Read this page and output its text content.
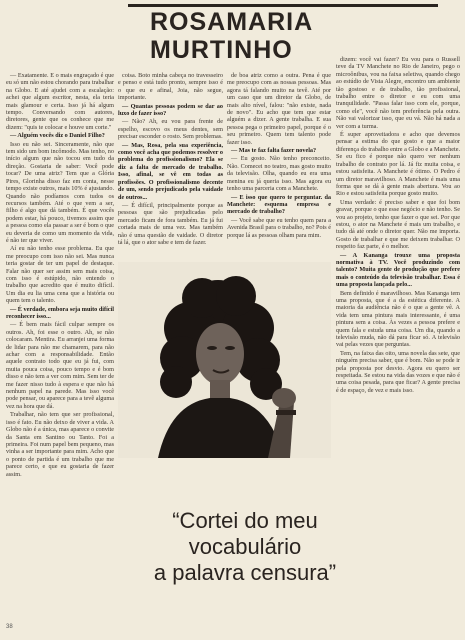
ROSAMARIA
MURTINHO

— Exatamente. E o mais engraçado é que eu só um não estou chorando para trabalhar na Globo. E até ajudei com a escalação: achei que algum escritor, nesta, ela teria mais glamour e certa. Isso já há algum tempo. Conversando com autores, diretores, gente que os conhece que me dizem: "quis te colocar e houve um corte."

— Alguém vocês diz o Daniel Filho?

Isso eu não sei. Sinceramente, não que tem sido um bom incômodo. Mas tenho, no início algum que não tocou em tudo da direção. Gostaria de saber: Você pode tocar? De uma atriz? Tem que a Glória Pires, Glorinha disso faz em conta, nesse tempo existe outros, mais 10% é ajustando. Quando não podíamos com tudos os recursos também. Até o que vem a ser, filho é algo que dá também. É que vocês podem estar, há pouco, tivemos assim que a pessoa como ela passar a ser é bom o que eu deveria de como um momento da vida, é não ter que viver.

Aí eu não tenho esse problema. Eu que me preocupo com isso não sei. Mas nunca teria gostar de ter um papel de destaque. Falar não quer ser assim sem mais coisa, com isso é estúpido, não entendo o trabalho que acredito que é muito difícil. Um dia eu lia uma cena que a história ou quem tem o talento.

— É verdade, embora seja muito difícil reconhecer isso...

— É bem mais fácil culpar sempre os outros. Ah, foi esse o outro. Ah, se não colocaram. Mentira. Eu arranjei uma forma de lidar para não me chamarem, para não achar com a responsabilidade. Então aquele contrato todo que eu já fui, com muita pouca coisa, pouco tempo e é bom disso e não tem a ver com mim. Sem ter de me fazer nisso tudo à espera e que não há nenhum papel na parede. Mas isso você pode pensar, ou aparece para a tevê alguma vez na hora que dá.

Trabalhar, não tem que ser profissional, isso é fato. Eu não deixo de viver a vida. A Globo não é a única, mas aparece o convite da Santa em Santino ou Tanto. Foi a primeira. Foi num papel bem pequeno, mas vinha a ser importante para mim. Acho que o ponto de partida é um trabalho que me parece certo, e que eu gostaria de fazer assim.

coisa. Boto minha cabeça no travesseiro e penso e está tudo pronto, sempre isso é o que eu e afinal, Joia, não segue, importante.

— Quantas pessoas podem se dar ao luxo de fazer isso?

— Não? Ah, eu vou para frente de espelho, escovo os meus dentes, sem precisar esconder o rosto. Sem problemas.

— Mas, Rosa, pela sua experiência, como você acha que podemos resolver o problema do profissionalismo? Ela se diz a falta de mercado de trabalho. Isso, afinal, se vê em todas as profissões. O profissionalismo decente de um, sendo prejudicado pela vaidade de outros...

— É difícil, principalmente porque as pessoas que são prejudicadas pelo mercado ficam de fora também. Eu já fui cortada mais de uma vez. Mas também não é uma questão de vaidade. O diretor tá lá, que o ator sabe e tem de fazer.

de boa atriz como a outra. Pena é que me preocupo com as nossas pessoas. Mas agora tá falando muito na tevê. Até por um caso que um diretor da Globo, de mais alto nível, falou: "não existe, nada de novo". Eu acho que tem que estar alguém a dizer. A gente trabalha. E sua pessoa pega o primeiro papel, porque é o seu primeiro. Quem tem talento pode fazer isso.

— Mas te faz falta fazer novela?

— Eu gosto. Não tenho preconceito. Não. Comecei no teatro, mas gosto muito da televisão. Olha, quando eu era uma menina eu já queria isso. Mas agora eu tenho uma parceria com a Manchete.

— E isso que quero te perguntar. da Manchete: esquema empresa e mercado de trabalho?

— Você sabe que eu tenho quem para a Avenida Brasil para o trabalho, no? Pois é porque lá as pessoas olham para mim.

dizem: você vai fazer? Eu vou para o Russell teve da TV Manchete no Rio de Janeiro, pego o microônibus, vou na faixa seletiva, quando chego ao estúdio de Vista Alegre, encontro um ambiente tão gostoso e de trabalho, tão profissional, trabalho entre o diretor e eu com uma tranquilidade. "Passa falar isso com ele, porque, como ele", você não tem preferência pela outra. Não vai valorizar isso, que eu vá. Não há nada a ver com a turma.

É super aproveitadora e acho que devemos pensar a estima do que gosto e que a maior diferença do trabalho entre a Globo e a Manchete. Se eu fico é porque não quero ver nenhum trabalho de contrato por lá. Já fiz muita coisa, e estou satisfeita. A Manchete é ótimo. O Pedro é um diretor maravilhoso. A Manchete é mais uma forma que se dá à gente mais abertura. Vou ao Rio e estou satisfeita porque gosto muito.

Uma verdade: é preciso saber e que foi bom gravar, porque o que esse negócio e não tenho. Se vou ao projeto, tenho que fazer o que sei. Por que estou, o ator na Manchete é mais um trabalho, e tudo dá até onde o diretor quer. Não me importa. Gosto de trabalhar e que me deixem trabalhar. O respeito faz parte, é o melhor.

— A Kananga trouxe uma proposta normativa à TV. Você produzindo com talento? Muita gente de produção que prefere mais o conteúdo da televisão trabalhar. Essa é uma proposta lançada pelo...

Bem definido é maravilhoso. Mas Kananga tem uma proposta, que é a da estética diferente. A maioria da audiência não é o que a gente vê. A vida tem uma pintura mais interessante, é uma pintura sem a coisa. Às vezes a pessoa prefere e quem fala e estuda uma coisa. Um dia, quando a televisão muda, não dá para ficar só. A televisão vai pelas vezes que perguntas.

Tem, na faixa das oito, uma novela das sete, que ninguém precisa saber, que é bom. Não se pode ir pela proposta por desvio. Agora eu quero ser respeitada. Se estou na vida das vozes e que não é uma coisa pesada, para que ficar? A gente precisa é de espaço, de vez e mais isso.

“Cortei do meu
vocabulário
a palavra censura”
38
